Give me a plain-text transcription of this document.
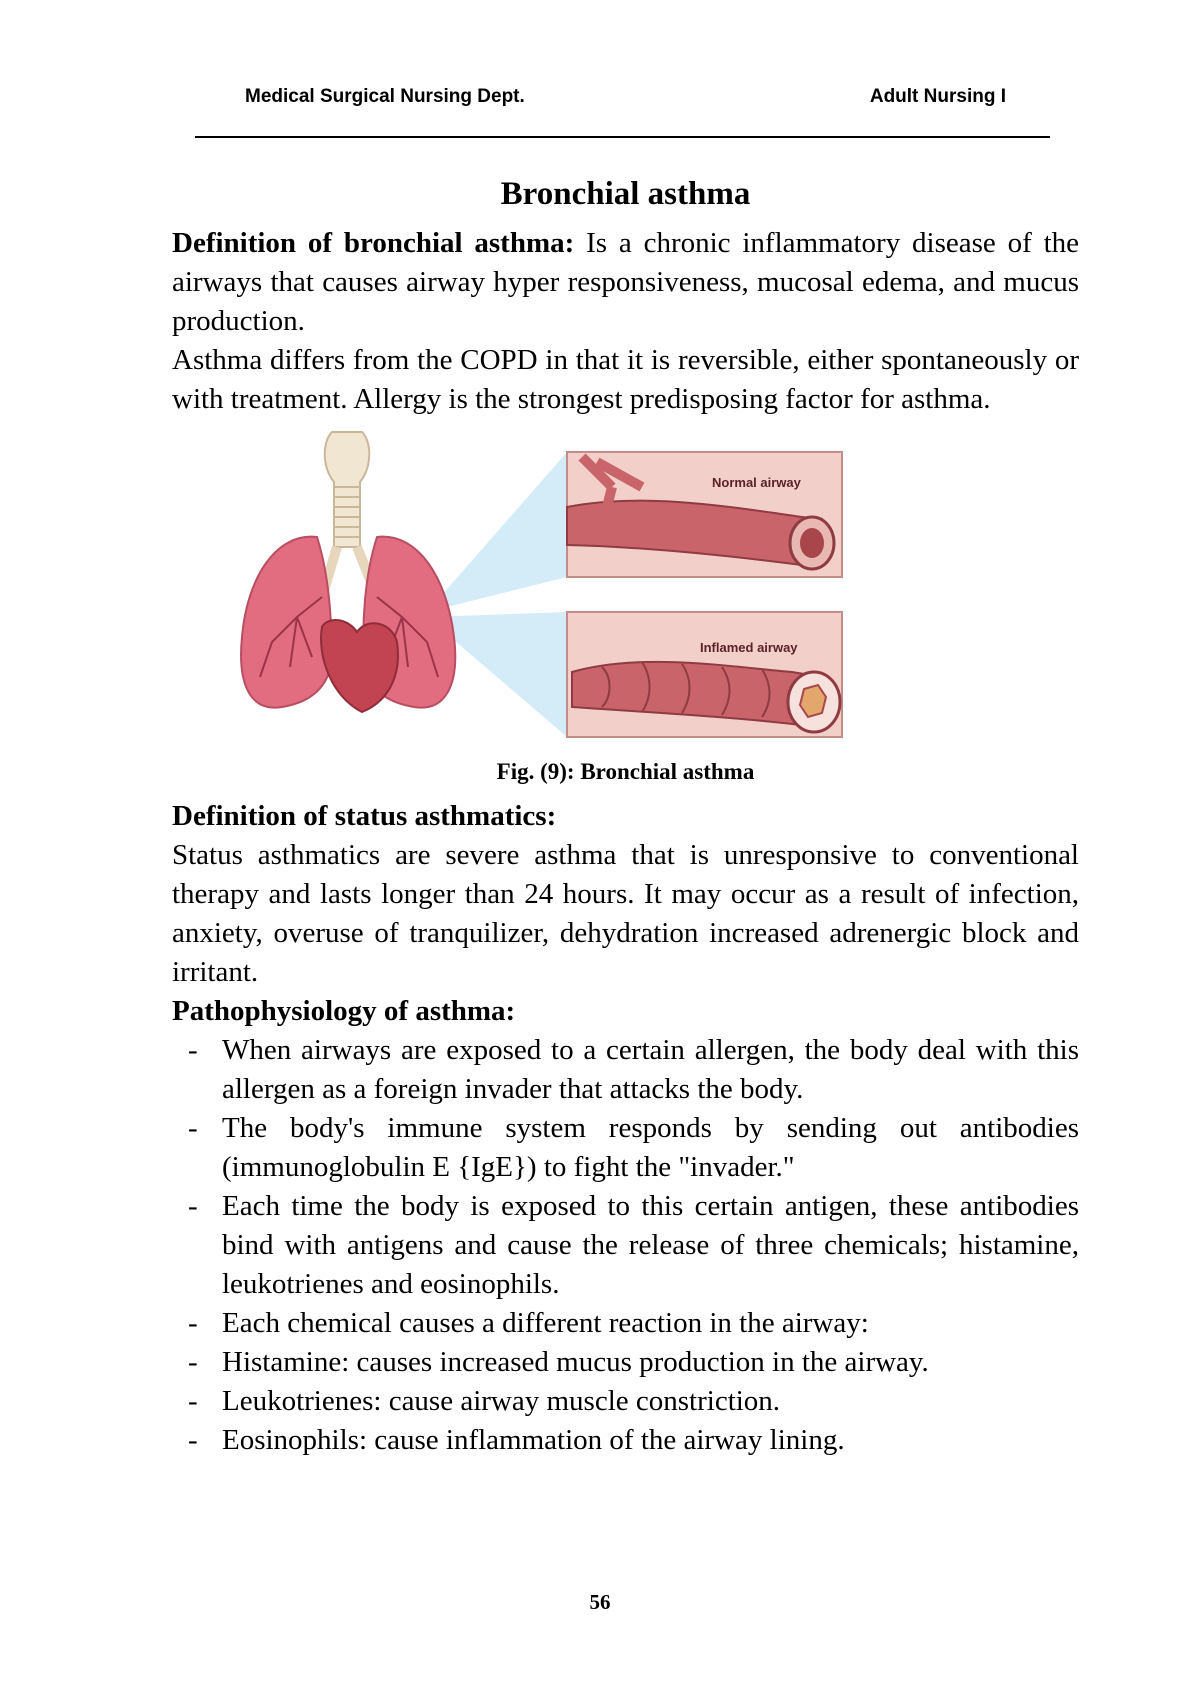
Medical Surgical Nursing Dept.	Adult Nursing I
Bronchial asthma

Definition of bronchial asthma: Is a chronic inflammatory disease of the airways that causes airway hyper responsiveness, mucosal edema, and mucus production.

Asthma differs from the COPD in that it is reversible, either spontaneously or with treatment. Allergy is the strongest predisposing factor for asthma.

Normal airway
Inflamed airway

Fig. (9): Bronchial asthma

Definition of status asthmatics:

Status asthmatics are severe asthma that is unresponsive to conventional therapy and lasts longer than 24 hours. It may occur as a result of infection, anxiety, overuse of tranquilizer, dehydration increased adrenergic block and irritant.

Pathophysiology of asthma:

- When airways are exposed to a certain allergen, the body deal with this allergen as a foreign invader that attacks the body.
- The body's immune system responds by sending out antibodies (immunoglobulin E {IgE}) to fight the "invader."
- Each time the body is exposed to this certain antigen, these antibodies bind with antigens and cause the release of three chemicals; histamine, leukotrienes and eosinophils.
- Each chemical causes a different reaction in the airway:
- Histamine: causes increased mucus production in the airway.
- Leukotrienes: cause airway muscle constriction.
- Eosinophils: cause inflammation of the airway lining.
56
